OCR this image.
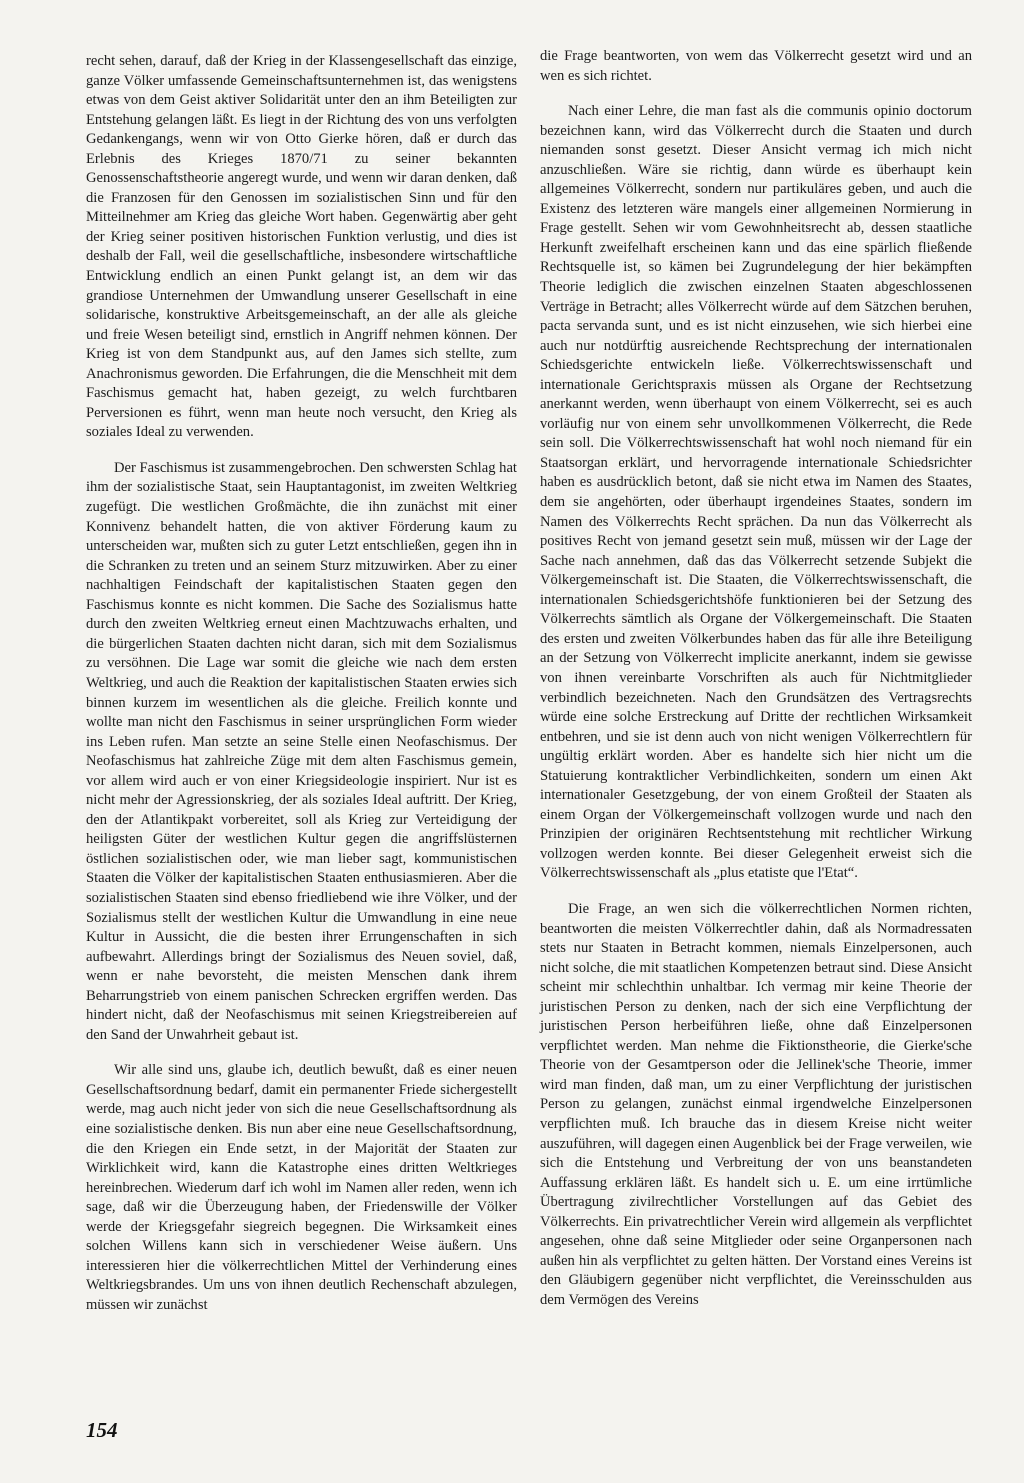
recht sehen, darauf, daß der Krieg in der Klassengesellschaft das einzige, ganze Völker umfassende Gemeinschaftsunternehmen ist, das wenigstens etwas von dem Geist aktiver Solidarität unter den an ihm Beteiligten zur Entstehung gelangen läßt. Es liegt in der Richtung des von uns verfolgten Gedankengangs, wenn wir von Otto Gierke hören, daß er durch das Erlebnis des Krieges 1870/71 zu seiner bekannten Genossenschaftstheorie angeregt wurde, und wenn wir daran denken, daß die Franzosen für den Genossen im sozialistischen Sinn und für den Mitteilnehmer am Krieg das gleiche Wort haben. Gegenwärtig aber geht der Krieg seiner positiven historischen Funktion verlustig, und dies ist deshalb der Fall, weil die gesellschaftliche, insbesondere wirtschaftliche Entwicklung endlich an einen Punkt gelangt ist, an dem wir das grandiose Unternehmen der Umwandlung unserer Gesellschaft in eine solidarische, konstruktive Arbeitsgemeinschaft, an der alle als gleiche und freie Wesen beteiligt sind, ernstlich in Angriff nehmen können. Der Krieg ist von dem Standpunkt aus, auf den James sich stellte, zum Anachronismus geworden. Die Erfahrungen, die die Menschheit mit dem Faschismus gemacht hat, haben gezeigt, zu welch furchtbaren Perversionen es führt, wenn man heute noch versucht, den Krieg als soziales Ideal zu verwenden.

Der Faschismus ist zusammengebrochen. Den schwersten Schlag hat ihm der sozialistische Staat, sein Hauptantagonist, im zweiten Weltkrieg zugefügt. Die westlichen Großmächte, die ihn zunächst mit einer Konnivenz behandelt hatten, die von aktiver Förderung kaum zu unterscheiden war, mußten sich zu guter Letzt entschließen, gegen ihn in die Schranken zu treten und an seinem Sturz mitzuwirken. Aber zu einer nachhaltigen Feindschaft der kapitalistischen Staaten gegen den Faschismus konnte es nicht kommen. Die Sache des Sozialismus hatte durch den zweiten Weltkrieg erneut einen Machtzuwachs erhalten, und die bürgerlichen Staaten dachten nicht daran, sich mit dem Sozialismus zu versöhnen. Die Lage war somit die gleiche wie nach dem ersten Weltkrieg, und auch die Reaktion der kapitalistischen Staaten erwies sich binnen kurzem im wesentlichen als die gleiche. Freilich konnte und wollte man nicht den Faschismus in seiner ursprünglichen Form wieder ins Leben rufen. Man setzte an seine Stelle einen Neofaschismus. Der Neofaschismus hat zahlreiche Züge mit dem alten Faschismus gemein, vor allem wird auch er von einer Kriegsideologie inspiriert. Nur ist es nicht mehr der Agressionskrieg, der als soziales Ideal auftritt. Der Krieg, den der Atlantikpakt vorbereitet, soll als Krieg zur Verteidigung der heiligsten Güter der westlichen Kultur gegen die angriffslüsternen östlichen sozialistischen oder, wie man lieber sagt, kommunistischen Staaten die Völker der kapitalistischen Staaten enthusiasmieren. Aber die sozialistischen Staaten sind ebenso friedliebend wie ihre Völker, und der Sozialismus stellt der westlichen Kultur die Umwandlung in eine neue Kultur in Aussicht, die die besten ihrer Errungenschaften in sich aufbewahrt. Allerdings bringt der Sozialismus des Neuen soviel, daß, wenn er nahe bevorsteht, die meisten Menschen dank ihrem Beharrungstrieb von einem panischen Schrecken ergriffen werden. Das hindert nicht, daß der Neofaschismus mit seinen Kriegstreibereien auf den Sand der Unwahrheit gebaut ist.

Wir alle sind uns, glaube ich, deutlich bewußt, daß es einer neuen Gesellschaftsordnung bedarf, damit ein permanenter Friede sichergestellt werde, mag auch nicht jeder von sich die neue Gesellschaftsordnung als eine sozialistische denken. Bis nun aber eine neue Gesellschaftsordnung, die den Kriegen ein Ende setzt, in der Majorität der Staaten zur Wirklichkeit wird, kann die Katastrophe eines dritten Weltkrieges hereinbrechen. Wiederum darf ich wohl im Namen aller reden, wenn ich sage, daß wir die Überzeugung haben, der Friedenswille der Völker werde der Kriegsgefahr siegreich begegnen. Die Wirksamkeit eines solchen Willens kann sich in verschiedener Weise äußern. Uns interessieren hier die völkerrechtlichen Mittel der Verhinderung eines Weltkriegsbrandes. Um uns von ihnen deutlich Rechenschaft abzulegen, müssen wir zunächst

die Frage beantworten, von wem das Völkerrecht gesetzt wird und an wen es sich richtet.

Nach einer Lehre, die man fast als die communis opinio doctorum bezeichnen kann, wird das Völkerrecht durch die Staaten und durch niemanden sonst gesetzt. Dieser Ansicht vermag ich mich nicht anzuschließen. Wäre sie richtig, dann würde es überhaupt kein allgemeines Völkerrecht, sondern nur partikuläres geben, und auch die Existenz des letzteren wäre mangels einer allgemeinen Normierung in Frage gestellt. Sehen wir vom Gewohnheitsrecht ab, dessen staatliche Herkunft zweifelhaft erscheinen kann und das eine spärlich fließende Rechtsquelle ist, so kämen bei Zugrundelegung der hier bekämpften Theorie lediglich die zwischen einzelnen Staaten abgeschlossenen Verträge in Betracht; alles Völkerrecht würde auf dem Sätzchen beruhen, pacta servanda sunt, und es ist nicht einzusehen, wie sich hierbei eine auch nur notdürftig ausreichende Rechtsprechung der internationalen Schiedsgerichte entwickeln ließe. Völkerrechtswissenschaft und internationale Gerichtspraxis müssen als Organe der Rechtsetzung anerkannt werden, wenn überhaupt von einem Völkerrecht, sei es auch vorläufig nur von einem sehr unvollkommenen Völkerrecht, die Rede sein soll. Die Völkerrechtswissenschaft hat wohl noch niemand für ein Staatsorgan erklärt, und hervorragende internationale Schiedsrichter haben es ausdrücklich betont, daß sie nicht etwa im Namen des Staates, dem sie angehörten, oder überhaupt irgendeines Staates, sondern im Namen des Völkerrechts Recht sprächen. Da nun das Völkerrecht als positives Recht von jemand gesetzt sein muß, müssen wir der Lage der Sache nach annehmen, daß das das Völkerrecht setzende Subjekt die Völkergemeinschaft ist. Die Staaten, die Völkerrechtswissenschaft, die internationalen Schiedsgerichtshöfe funktionieren bei der Setzung des Völkerrechts sämtlich als Organe der Völkergemeinschaft. Die Staaten des ersten und zweiten Völkerbundes haben das für alle ihre Beteiligung an der Setzung von Völkerrecht implicite anerkannt, indem sie gewisse von ihnen vereinbarte Vorschriften als auch für Nichtmitglieder verbindlich bezeichneten. Nach den Grundsätzen des Vertragsrechts würde eine solche Erstreckung auf Dritte der rechtlichen Wirksamkeit entbehren, und sie ist denn auch von nicht wenigen Völkerrechtlern für ungültig erklärt worden. Aber es handelte sich hier nicht um die Statuierung kontraktlicher Verbindlichkeiten, sondern um einen Akt internationaler Gesetzgebung, der von einem Großteil der Staaten als einem Organ der Völkergemeinschaft vollzogen wurde und nach den Prinzipien der originären Rechtsentstehung mit rechtlicher Wirkung vollzogen werden konnte. Bei dieser Gelegenheit erweist sich die Völkerrechtswissenschaft als „plus etatiste que l'Etat“.

Die Frage, an wen sich die völkerrechtlichen Normen richten, beantworten die meisten Völkerrechtler dahin, daß als Normadressaten stets nur Staaten in Betracht kommen, niemals Einzelpersonen, auch nicht solche, die mit staatlichen Kompetenzen betraut sind. Diese Ansicht scheint mir schlechthin unhaltbar. Ich vermag mir keine Theorie der juristischen Person zu denken, nach der sich eine Verpflichtung der juristischen Person herbeiführen ließe, ohne daß Einzelpersonen verpflichtet werden. Man nehme die Fiktionstheorie, die Gierke'sche Theorie von der Gesamtperson oder die Jellinek'sche Theorie, immer wird man finden, daß man, um zu einer Verpflichtung der juristischen Person zu gelangen, zunächst einmal irgendwelche Einzelpersonen verpflichten muß. Ich brauche das in diesem Kreise nicht weiter auszuführen, will dagegen einen Augenblick bei der Frage verweilen, wie sich die Entstehung und Verbreitung der von uns beanstandeten Auffassung erklären läßt. Es handelt sich u. E. um eine irrtümliche Übertragung zivilrechtlicher Vorstellungen auf das Gebiet des Völkerrechts. Ein privatrechtlicher Verein wird allgemein als verpflichtet angesehen, ohne daß seine Mitglieder oder seine Organpersonen nach außen hin als verpflichtet zu gelten hätten. Der Vorstand eines Vereins ist den Gläubigern gegenüber nicht verpflichtet, die Vereinsschulden aus dem Vermögen des Vereins

154
